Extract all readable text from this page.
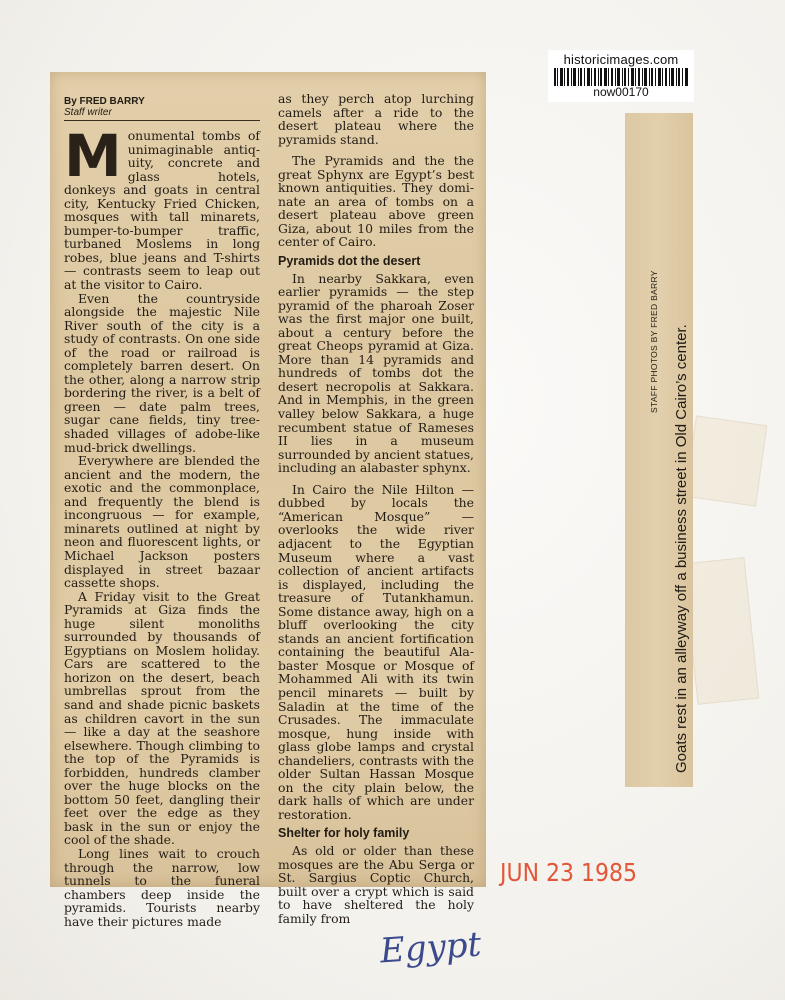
historicimages.com
now00170
By FRED BARRY
Staff writer
M onumental tombs of unimaginable antiquity, concrete and glass hotels, donkeys and goats in central city, Kentucky Fried Chicken, mosques with tall minarets, bumper-to-bumper traffic, turbaned Moslems in long robes, blue jeans and T-shirts — contrasts seem to leap out at the visitor to Cairo.

Even the countryside alongside the majestic Nile River south of the city is a study of contrasts. On one side of the road or railroad is completely barren desert. On the other, along a narrow strip bordering the river, is a belt of green — date palm trees, sugar cane fields, tiny tree-shaded villages of adobe-like mud-brick dwellings.

Everywhere are blended the ancient and the modern, the exotic and the commonplace, and frequently the blend is incongruous — for example, minarets outlined at night by neon and fluorescent lights, or Michael Jackson posters displayed in street bazaar cassette shops.

A Friday visit to the Great Pyramids at Giza finds the huge silent monoliths surrounded by thousands of Egyptians on Moslem holiday. Cars are scattered to the horizon on the desert, beach umbrellas sprout from the sand and shade picnic baskets as children cavort in the sun — like a day at the seashore elsewhere. Though climbing to the top of the Pyramids is forbidden, hundreds clamber over the huge blocks on the bottom 50 feet, dangling their feet over the edge as they bask in the sun or enjoy the cool of the shade.

Long lines wait to crouch through the narrow, low tunnels to the funeral chambers deep inside the pyramids. Tourists nearby have their pictures made

as they perch atop lurching camels after a ride to the desert plateau where the pyramids stand.

The Pyramids and the the great Sphynx are Egypt’s best known antiquities. They dominate an area of tombs on a desert plateau above green Giza, about 10 miles from the center of Cairo.

Pyramids dot the desert

In nearby Sakkara, even earlier pyramids — the step pyramid of the pharoah Zoser was the first major one built, about a century before the great Cheops pyramid at Giza. More than 14 pyramids and hundreds of tombs dot the desert necropolis at Sakkara. And in Memphis, in the green valley below Sakkara, a huge recumbent statue of Rameses II lies in a museum surrounded by ancient statues, including an alabaster sphynx.

In Cairo the Nile Hilton — dubbed by locals the “American Mosque” — overlooks the wide river adjacent to the Egyptian Museum where a vast collection of ancient artifacts is displayed, including the treasure of Tutankhamun. Some distance away, high on a bluff overlooking the city stands an ancient fortification containing the beautiful Alabaster Mosque or Mosque of Mohammed Ali with its twin pencil minarets — built by Saladin at the time of the Crusades. The immaculate mosque, hung inside with glass globe lamps and crystal chandeliers, contrasts with the older Sultan Hassan Mosque on the city plain below, the dark halls of which are under restoration.

Shelter for holy family

As old or older than these mosques are the Abu Serga or St. Sargius Coptic Church, built over a crypt which is said to have sheltered the holy family from

STAFF PHOTOS BY FRED BARRY Goats rest in an alleyway off a business street in Old Cairo’s center.
JUN 23 1985
Egypt
